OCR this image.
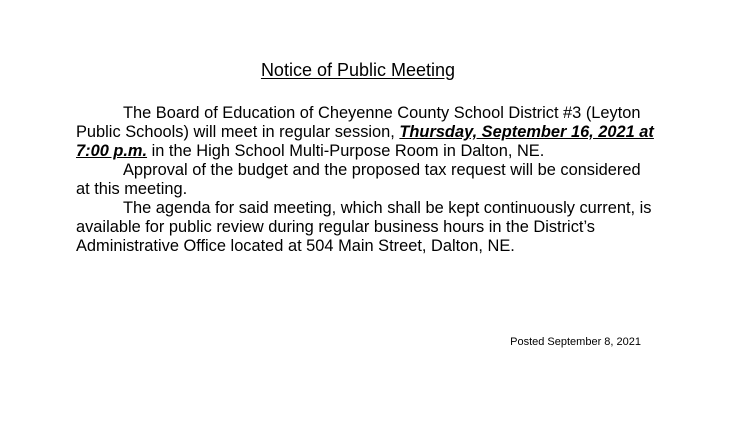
Notice of Public Meeting

The Board of Education of Cheyenne County School District #3 (Leyton Public Schools) will meet in regular session, Thursday, September 16, 2021 at 7:00 p.m. in the High School Multi-Purpose Room in Dalton, NE.

Approval of the budget and the proposed tax request will be considered at this meeting.

The agenda for said meeting, which shall be kept continuously current, is available for public review during regular business hours in the District’s Administrative Office located at 504 Main Street, Dalton, NE.

Posted September 8, 2021
